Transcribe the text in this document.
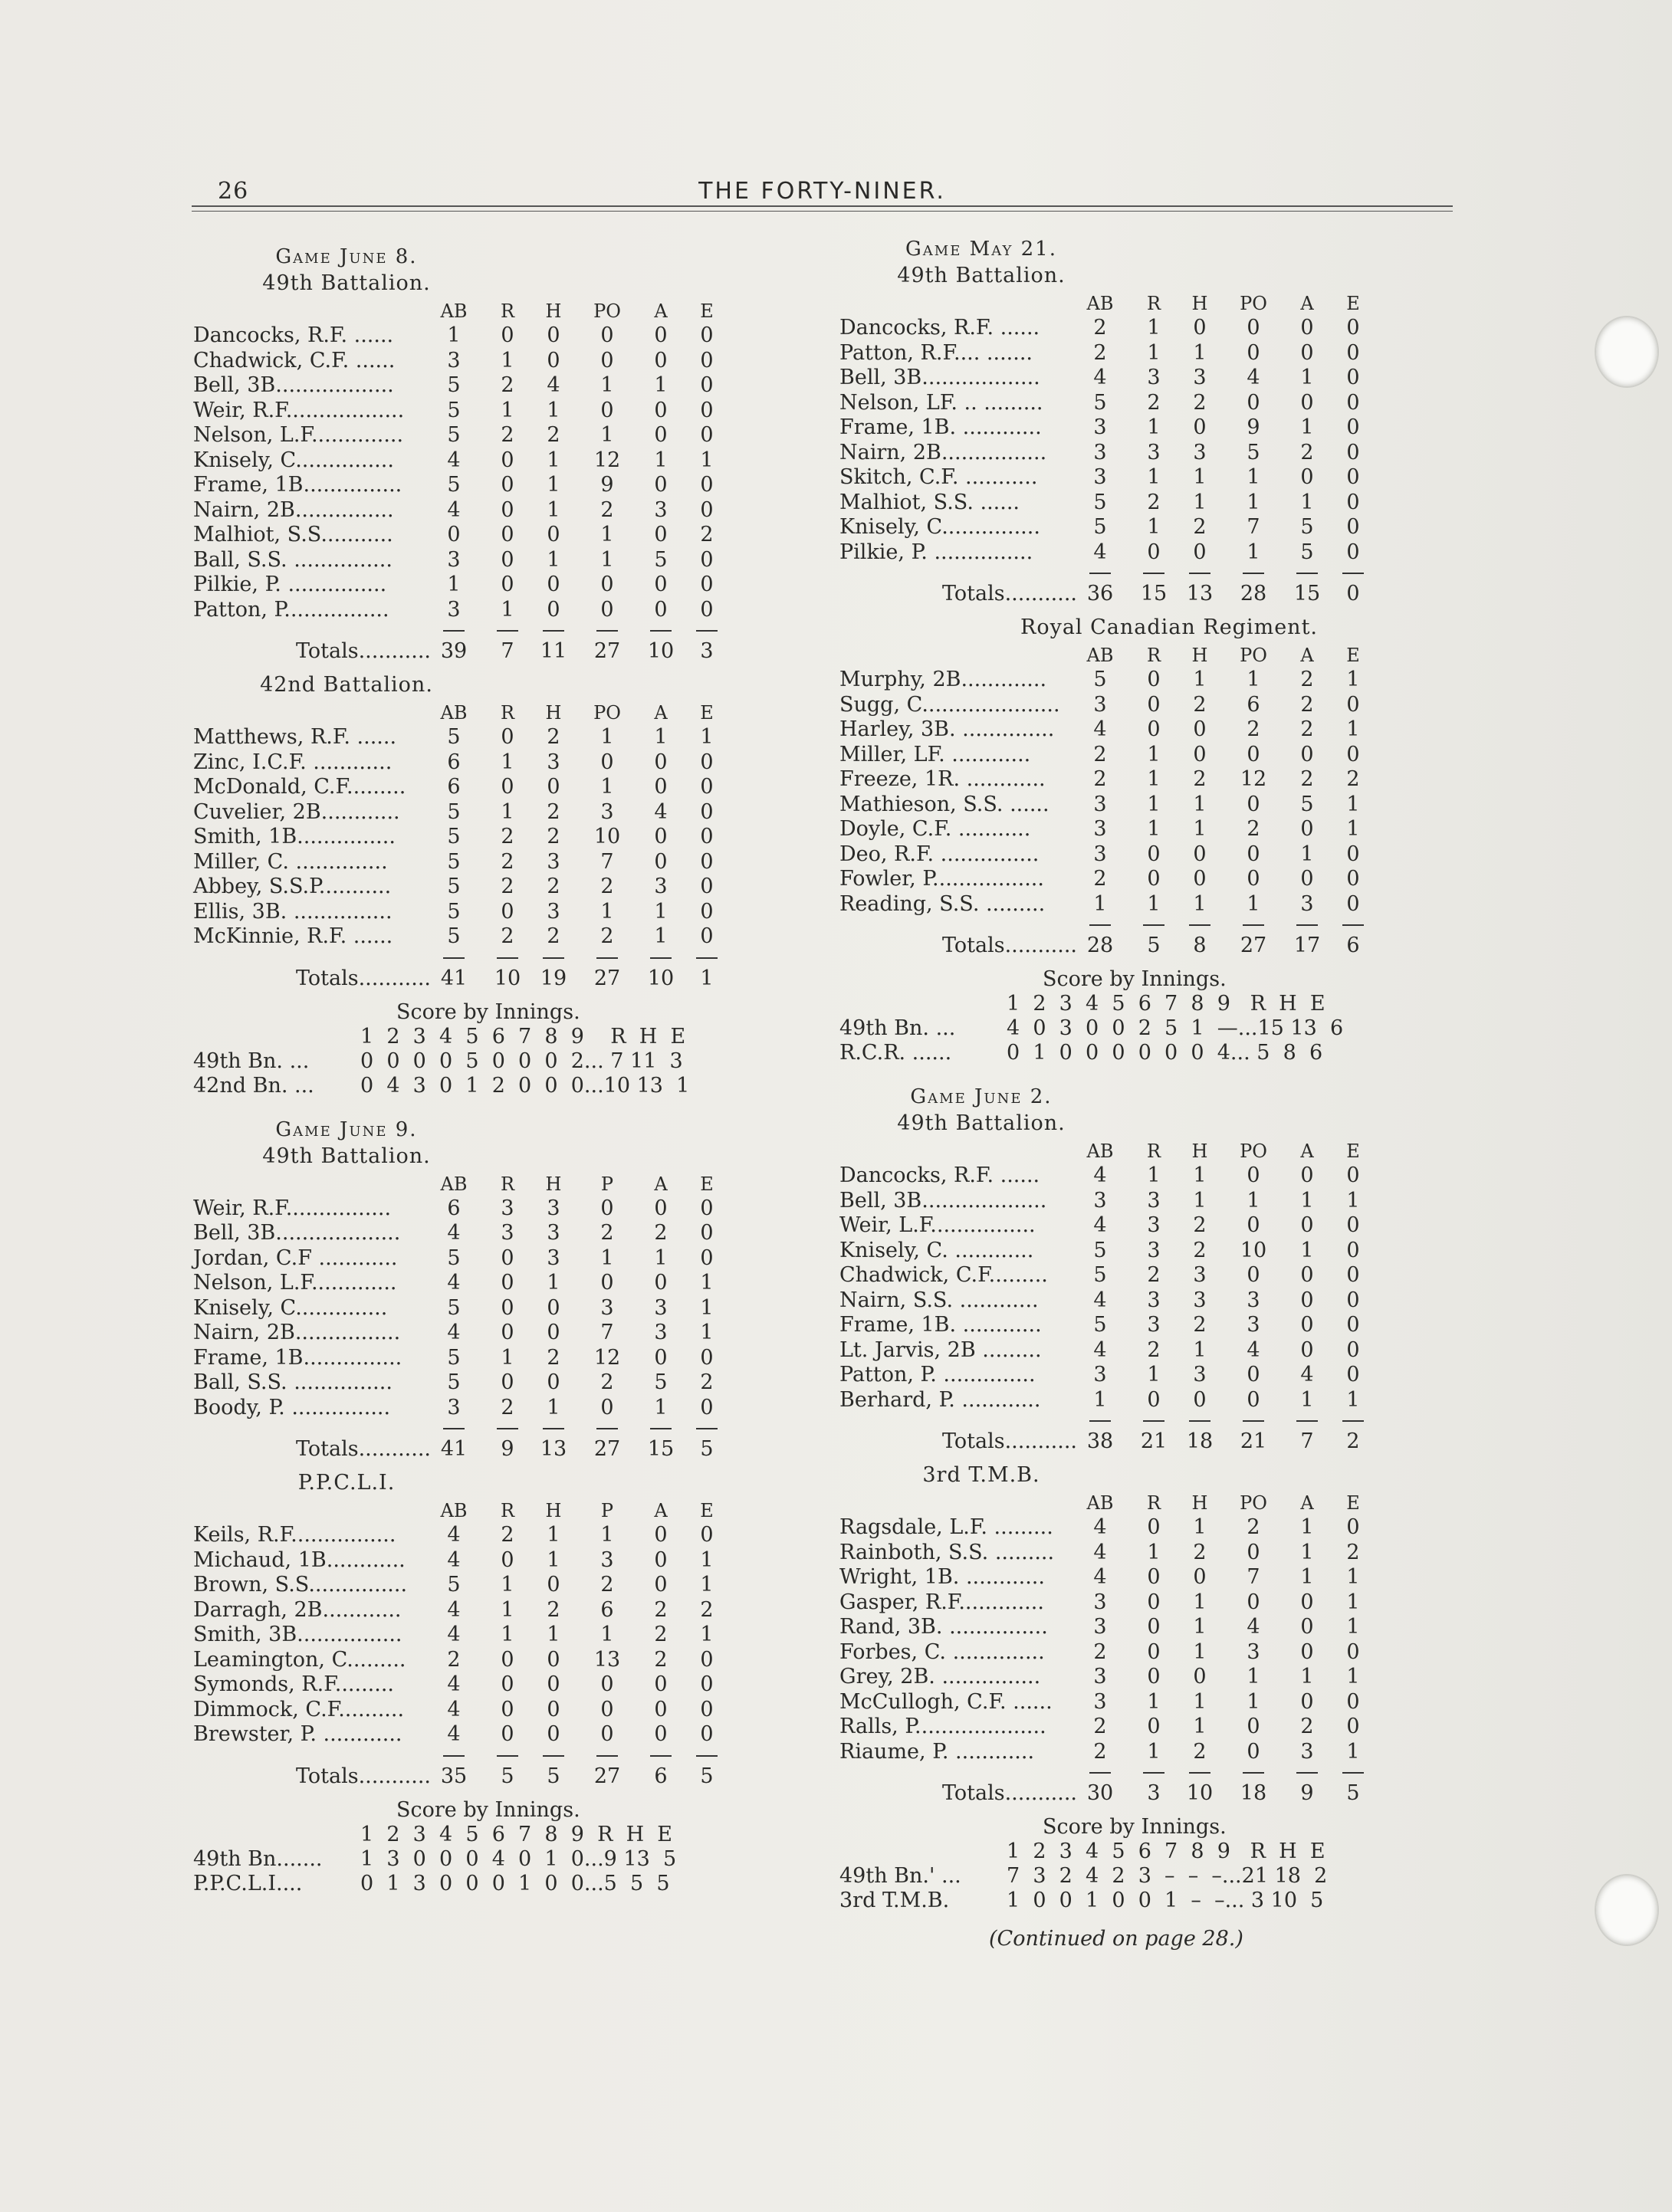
26	THE FORTY-NINER.
Game June 8.
49th Battalion.
AB	R	H	PO	A	E
Dancocks, R.F. ......	1	0	0	0	0	0
Chadwick, C.F. ......	3	1	0	0	0	0
Bell, 3B..................	5	2	4	1	1	0
Weir, R.F..................	5	1	1	0	0	0
Nelson, L.F..............	5	2	2	1	0	0
Knisely, C...............	4	0	1	12	1	1
Frame, 1B...............	5	0	1	9	0	0
Nairn, 2B...............	4	0	1	2	3	0
Malhiot, S.S...........	0	0	0	1	0	2
Ball, S.S. ...............	3	0	1	1	5	0
Pilkie, P. ...............	1	0	0	0	0	0
Patton, P................	3	1	0	0	0	0
Totals........... 39	7	11 27 10	3
42nd Battalion.
AB	R	H	PO	A	E
Matthews, R.F. ......	5	0	2	1	1	1
Zinc, I.C.F. ............	6	1	3	0	0	0
McDonald, C.F.........	6	0	0	1	0	0
Cuvelier, 2B............	5	1	2	3	4	0
Smith, 1B...............	5	2	2	10	0	0
Miller, C. ..............	5	2	3	7	0	0
Abbey, S.S.P...........	5	2	2	2	3	0
Ellis, 3B. ...............	5	0	3	1	1	0
McKinnie, R.F. ......	5	2	2	2	1	0
Totals........... 41 10 19 27 10	1
Score by Innings.
1  2  3  4  5  6  7  8  9    R  H  E
49th Bn. ... 0  0  0  0  5  0  0  0  2... 7 11  3
42nd Bn. ... 0  4  3  0  1  2  0  0  0...10 13  1
Game June 9.
49th Battalion.
AB	R	H	P	A	E
Weir, R.F................	6	3	3	0	0	0
Bell, 3B...................	4	3	3	2	2	0
Jordan, C.F ............	5	0	3	1	1	0
Nelson, L.F.............	4	0	1	0	0	1
Knisely, C..............	5	0	0	3	3	1
Nairn, 2B................	4	0	0	7	3	1
Frame, 1B...............	5	1	2	12	0	0
Ball, S.S. ...............	5	0	0	2	5	2
Boody, P. ...............	3	2	1	0	1	0
Totals........... 41	9	13 27 15	5
P.P.C.L.I.
AB	R	H	P	A	E
Keils, R.F................	4	2	1	1	0	0
Michaud, 1B............	4	0	1	3	0	1
Brown, S.S...............	5	1	0	2	0	1
Darragh, 2B............	4	1	2	6	2	2
Smith, 3B................	4	1	1	1	2	1
Leamington, C.........	2	0	0	13	2	0
Symonds, R.F.........	4	0	0	0	0	0
Dimmock, C.F..........	4	0	0	0	0	0
Brewster, P. ............	4	0	0	0	0	0
Totals........... 35	5	5	27	6	5
Score by Innings.
1  2  3  4  5  6  7  8  9  R  H  E
49th Bn....... 1  3  0  0  0  4  0  1  0...9 13  5
P.P.C.L.I....	0  1  3  0  0  0  1  0  0...5  5  5
Game May 21.
49th Battalion.
AB	R	H	PO	A	E
Dancocks, R.F. ......	2	1	0	0	0	0
Patton, R.F.... .......	2	1	1	0	0	0
Bell, 3B..................	4	3	3	4	1	0
Nelson, LF. .. .........	5	2	2	0	0	0
Frame, 1B. ............	3	1	0	9	1	0
Nairn, 2B................	3	3	3	5	2	0
Skitch, C.F. ...........	3	1	1	1	0	0
Malhiot, S.S. ......	5	2	1	1	1	0
Knisely, C...............	5	1	2	7	5	0
Pilkie, P. ...............	4	0	0	1	5	0
Totals........... 36 15 13 28 15	0
Royal Canadian Regiment.
AB	R	H	PO	A	E
Murphy, 2B.............	5	0	1	1	2	1
Sugg, C.....................	3	0	2	6	2	0
Harley, 3B. ..............	4	0	0	2	2	1
Miller, LF. ............	2	1	0	0	0	0
Freeze, 1R. ............	2	1	2	12	2	2
Mathieson, S.S. ......	3	1	1	0	5	1
Doyle, C.F. ...........	3	1	1	2	0	1
Deo, R.F. ...............	3	0	0	0	1	0
Fowler, P.................	2	0	0	0	0	0
Reading, S.S. .........	1	1	1	1	3	0
Totals........... 28	5	8	27 17	6
Score by Innings.
1  2  3  4  5  6  7  8  9   R  H  E
49th Bn. ... 4  0  3  0  0  2  5  1  —...15 13  6
R.C.R. ......	0  1  0  0  0  0  0  0  4... 5  8  6
Game June 2.
49th Battalion.
AB	R	H	PO	A	E
Dancocks, R.F. ......	4	1	1	0	0	0
Bell, 3B...................	3	3	1	1	1	1
Weir, L.F................	4	3	2	0	0	0
Knisely, C. ............	5	3	2	10	1	0
Chadwick, C.F.........	5	2	3	0	0	0
Nairn, S.S. ............	4	3	3	3	0	0
Frame, 1B. ............	5	3	2	3	0	0
Lt. Jarvis, 2B .........	4	2	1	4	0	0
Patton, P. ..............	3	1	3	0	4	0
Berhard, P. ............	1	0	0	0	1	1
Totals........... 38 21 18 21	7	2
3rd T.M.B.
AB	R	H	PO	A	E
Ragsdale, L.F. .........	4	0	1	2	1	0
Rainboth, S.S. .........	4	1	2	0	1	2
Wright, 1B. ............	4	0	0	7	1	1
Gasper, R.F.............	3	0	1	0	0	1
Rand, 3B. ...............	3	0	1	4	0	1
Forbes, C. ..............	2	0	1	3	0	0
Grey, 2B. ...............	3	0	0	1	1	1
McCullogh, C.F. ......	3	1	1	1	0	0
Ralls, P....................	2	0	1	0	2	0
Riaume, P. ............	2	1	2	0	3	1
Totals........... 30	3	10 18	9	5
Score by Innings.
1  2  3  4  5  6  7  8  9   R  H  E
49th Bn.' ... 7  3  2  4  2  3  –  –  –...21 18  2
3rd T.M.B.	1  0  0  1  0  0  1  –  –... 3 10  5
(Continued on page 28.)
